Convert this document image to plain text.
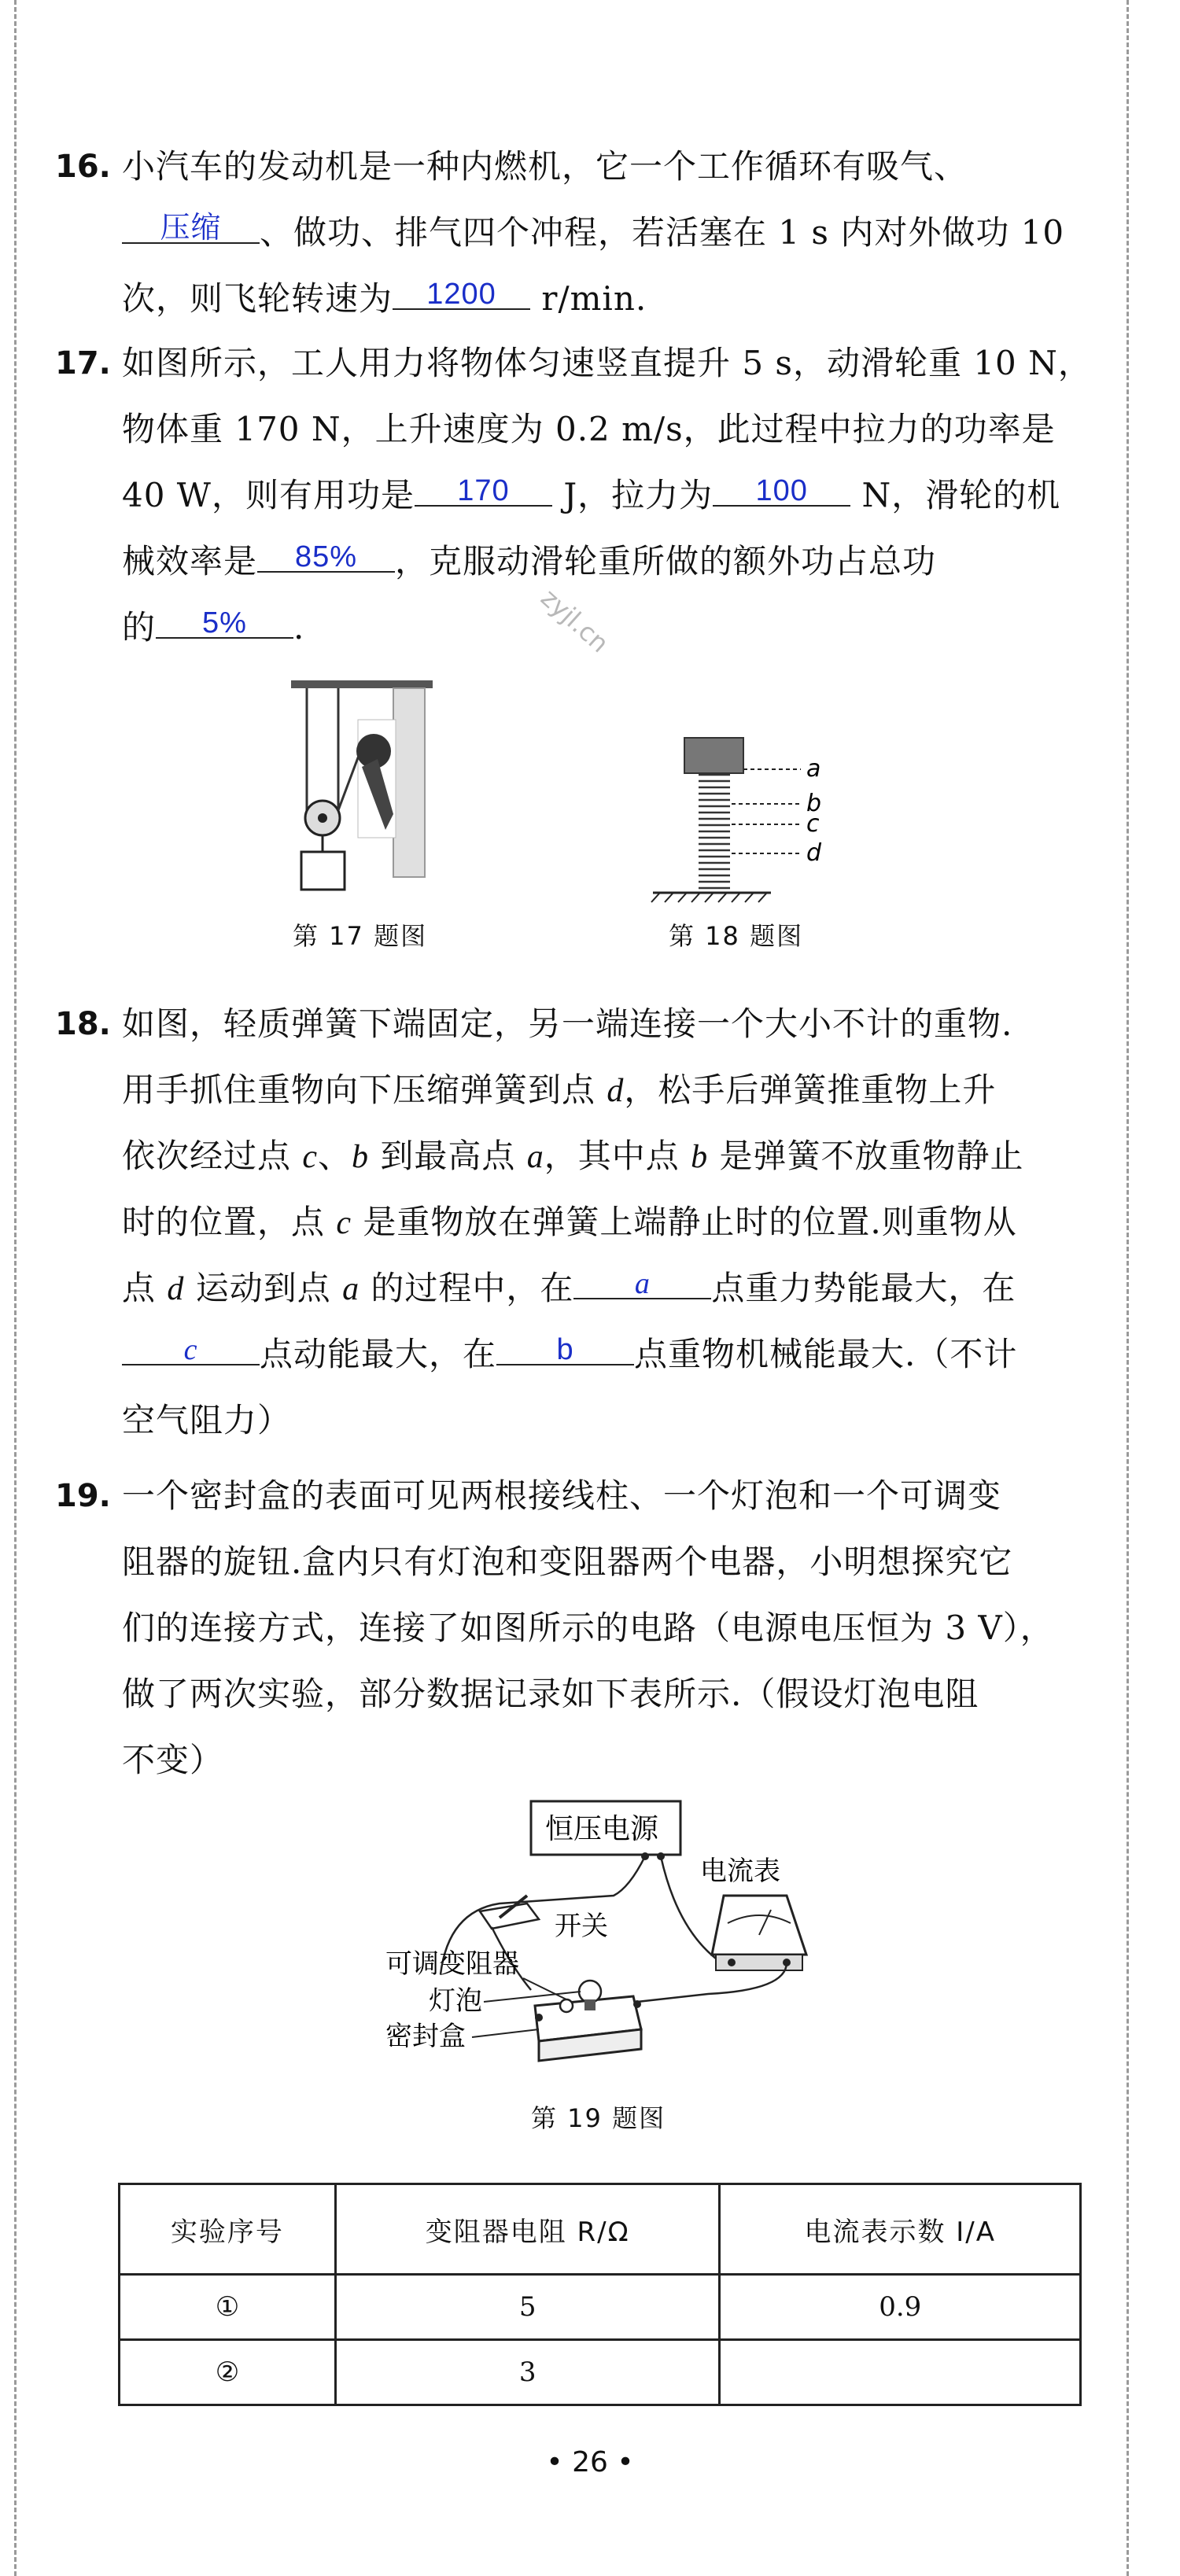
16. 小汽车的发动机是一种内燃机，它一个工作循环有吸气、
压缩	、做功、排气四个冲程，若活塞在 1 s 内对外做功 10
次，则飞轮转速为	1200	r/min.
17. 如图所示，工人用力将物体匀速竖直提升 5 s，动滑轮重 10 N，
物体重 170 N，上升速度为 0.2 m/s，此过程中拉力的功率是
40 W，则有用功是	170	J，拉力为	100	N，滑轮的机
械效率是	85%	，克服动滑轮重所做的额外功占总功
的	5%	.	zyjl.cn
第 17 题图
a
b
c
d
第 18 题图
18. 如图，轻质弹簧下端固定，另一端连接一个大小不计的重物.
用手抓住重物向下压缩弹簧到点 d，松手后弹簧推重物上升
依次经过点 c、b 到最高点 a，其中点 b 是弹簧不放重物静止
时的位置，点 c 是重物放在弹簧上端静止时的位置.则重物从
点 d 运动到点 a 的过程中，在	a	点重力势能最大，在
c	点动能最大，在	b	点重物机械能最大.（不计
空气阻力）
19. 一个密封盒的表面可见两根接线柱、一个灯泡和一个可调变
阻器的旋钮.盒内只有灯泡和变阻器两个电器，小明想探究它
们的连接方式，连接了如图所示的电路（电源电压恒为 3 V），
做了两次实验，部分数据记录如下表所示.（假设灯泡电阻
不变）
恒压电源
电流表
开关
可调变阻器
灯泡
密封盒
第 19 题图
实验序号	变阻器电阻 R/Ω	电流表示数 I/A
①	5	0.9
②	3	
• 26 •
